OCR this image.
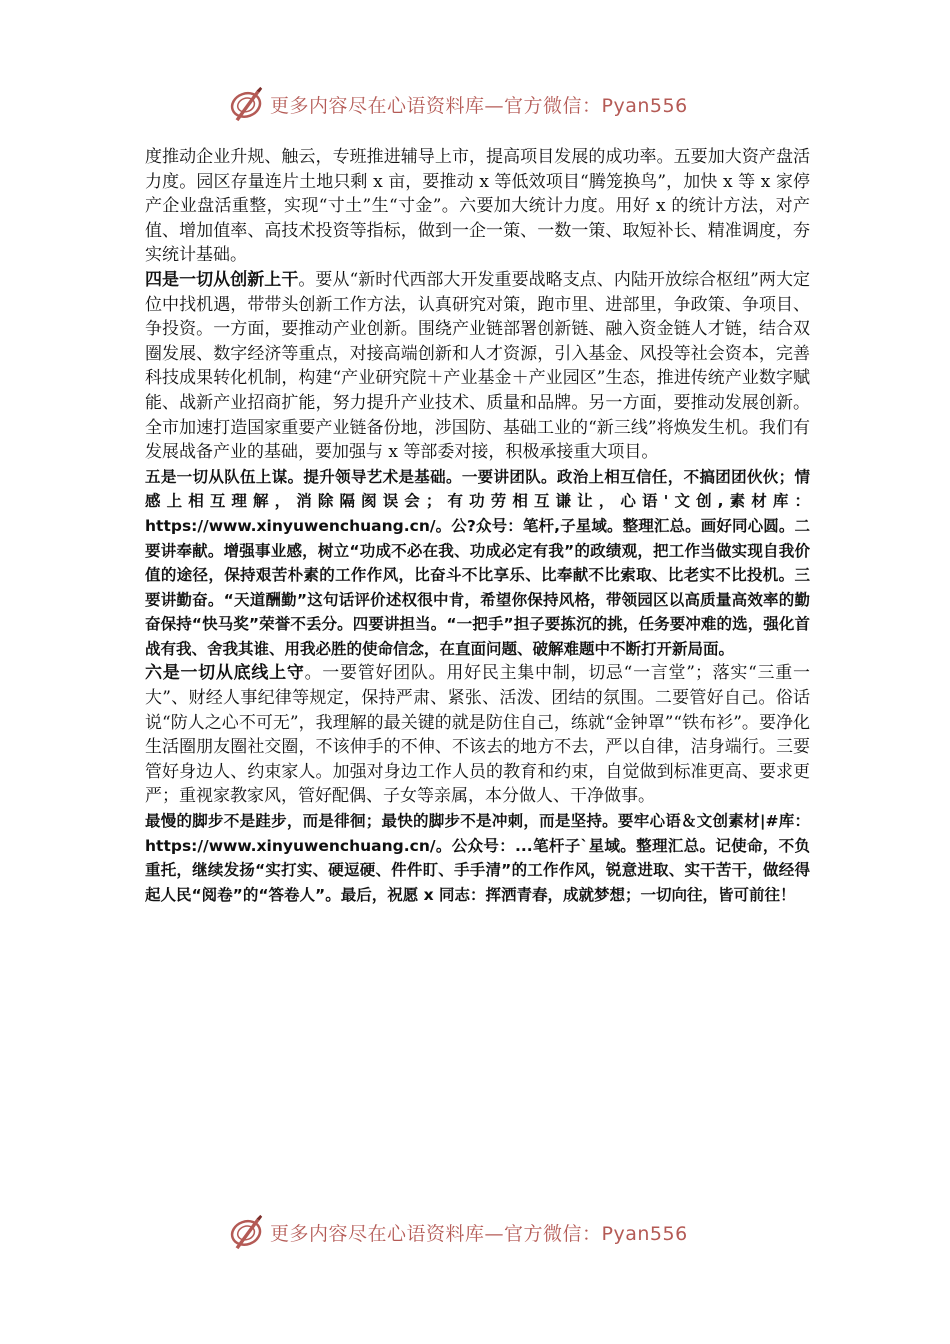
更多内容尽在心语资料库—官方微信：Pyan556

度推动企业升规、触云，专班推进辅导上市，提高项目发展的成功率。五要加大资产盘活力度。园区存量连片土地只剩 x 亩，要推动 x 等低效项目“腾笼换鸟”，加快 x 等 x 家停产企业盘活重整，实现“寸土”生“寸金”。六要加大统计力度。用好 x 的统计方法，对产值、增加值率、高技术投资等指标，做到一企一策、一数一策、取短补长、精准调度，夯实统计基础。

四是一切从创新上干。要从“新时代西部大开发重要战略支点、内陆开放综合枢纽”两大定位中找机遇，带带头创新工作方法，认真研究对策，跑市里、进部里，争政策、争项目、争投资。一方面，要推动产业创新。围绕产业链部署创新链、融入资金链人才链，结合双圈发展、数字经济等重点，对接高端创新和人才资源，引入基金、风投等社会资本，完善科技成果转化机制，构建“产业研究院＋产业基金＋产业园区”生态，推进传统产业数字赋能、战新产业招商扩能，努力提升产业技术、质量和品牌。另一方面，要推动发展创新。全市加速打造国家重要产业链备份地，涉国防、基础工业的“新三线”将焕发生机。我们有发展战备产业的基础，要加强与 x 等部委对接，积极承接重大项目。

五是一切从队伍上谋。提升领导艺术是基础。一要讲团队。政治上相互信任，不搞团团伙伙；情感上相互理解，消除隔阂误会；有功劳相互谦让，心语'文创,素材库：https://www.xinyuwenchuang.cn/。公?众号：笔杆,子星域。整理汇总。画好同心圆。二要讲奉献。增强事业感，树立“功成不必在我、功成必定有我”的政绩观，把工作当做实现自我价值的途径，保持艰苦朴素的工作作风，比奋斗不比享乐、比奉献不比索取、比老实不比投机。三要讲勤奋。“天道酬勤”这句话评价述权很中肯，希望你保持风格，带领园区以高质量高效率的勤奋保持“快马奖”荣誉不丢分。四要讲担当。“一把手”担子要拣沉的挑，任务要冲难的选，强化首战有我、舍我其谁、用我必胜的使命信念，在直面问题、破解难题中不断打开新局面。

六是一切从底线上守。一要管好团队。用好民主集中制，切忌“一言堂”；落实“三重一大”、财经人事纪律等规定，保持严肃、紧张、活泼、团结的氛围。二要管好自己。俗话说“防人之心不可无”，我理解的最关键的就是防住自己，练就“金钟罩”“铁布衫”。要净化生活圈朋友圈社交圈，不该伸手的不伸、不该去的地方不去，严以自律，洁身端行。三要管好身边人、约束家人。加强对身边工作人员的教育和约束，自觉做到标准更高、要求更严；重视家教家风，管好配偶、子女等亲属，本分做人、干净做事。

最慢的脚步不是跬步，而是徘徊；最快的脚步不是冲刺，而是坚持。要牢心语＆文创素材|#库：https://www.xinyuwenchuang.cn/。公众号：...笔杆子`星域。整理汇总。记使命，不负重托，继续发扬“实打实、硬逗硬、件件盯、手手清”的工作作风，锐意进取、实干苦干，做经得起人民“阅卷”的“答卷人”。最后，祝愿 x 同志：挥洒青春，成就梦想；一切向往，皆可前往！

更多内容尽在心语资料库—官方微信：Pyan556
